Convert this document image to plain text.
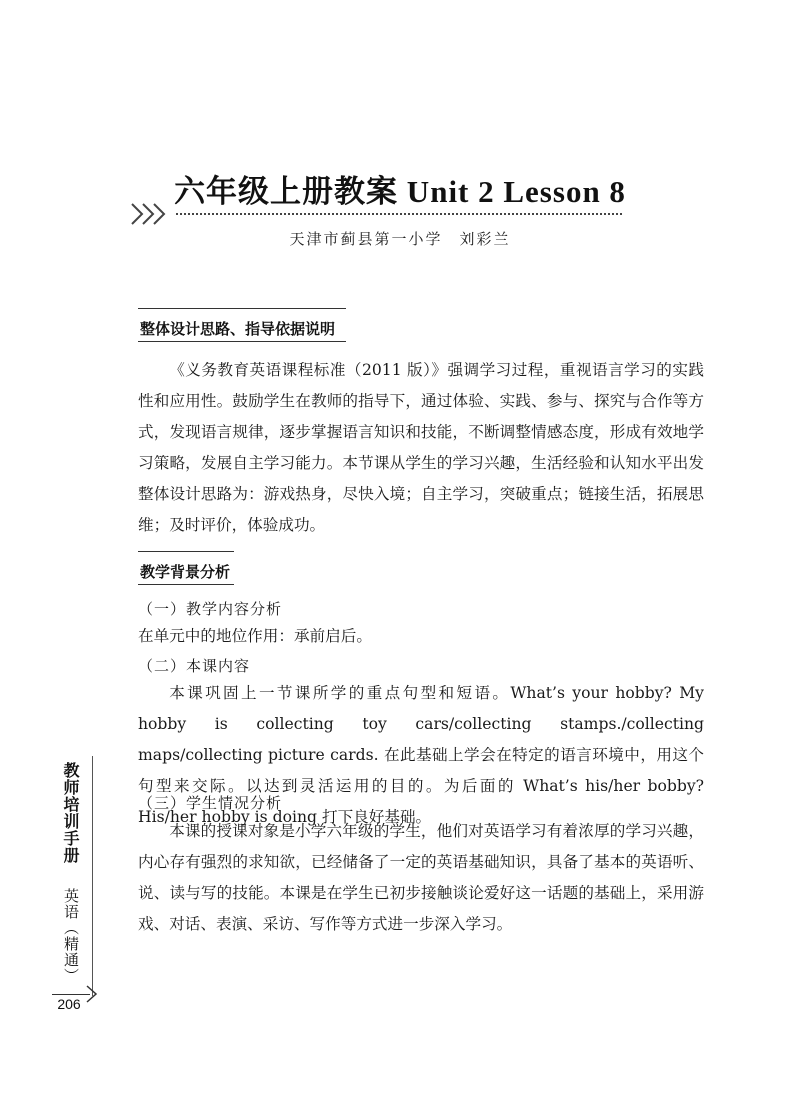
六年级上册教案 Unit 2 Lesson 8
天津市蓟县第一小学　刘彩兰
整体设计思路、指导依据说明
《义务教育英语课程标准（2011 版）》强调学习过程，重视语言学习的实践性和应用性。鼓励学生在教师的指导下，通过体验、实践、参与、探究与合作等方式，发现语言规律，逐步掌握语言知识和技能，不断调整情感态度，形成有效地学习策略，发展自主学习能力。本节课从学生的学习兴趣，生活经验和认知水平出发整体设计思路为：游戏热身，尽快入境；自主学习，突破重点；链接生活，拓展思维；及时评价，体验成功。
教学背景分析
（一）教学内容分析
在单元中的地位作用：承前启后。
（二）本课内容
本课巩固上一节课所学的重点句型和短语。What’s your hobby? My hobby is collecting toy cars/collecting stamps./collecting maps/collecting picture cards. 在此基础上学会在特定的语言环境中，用这个句型来交际。以达到灵活运用的目的。为后面的 What’s his/her bobby? His/her hobby is doing 打下良好基础。
（三）学生情况分析
本课的授课对象是小学六年级的学生，他们对英语学习有着浓厚的学习兴趣，内心存有强烈的求知欲，已经储备了一定的英语基础知识，具备了基本的英语听、说、读与写的技能。本课是在学生已初步接触谈论爱好这一话题的基础上，采用游戏、对话、表演、采访、写作等方式进一步深入学习。
教师培训手册
英语（精通）
206
